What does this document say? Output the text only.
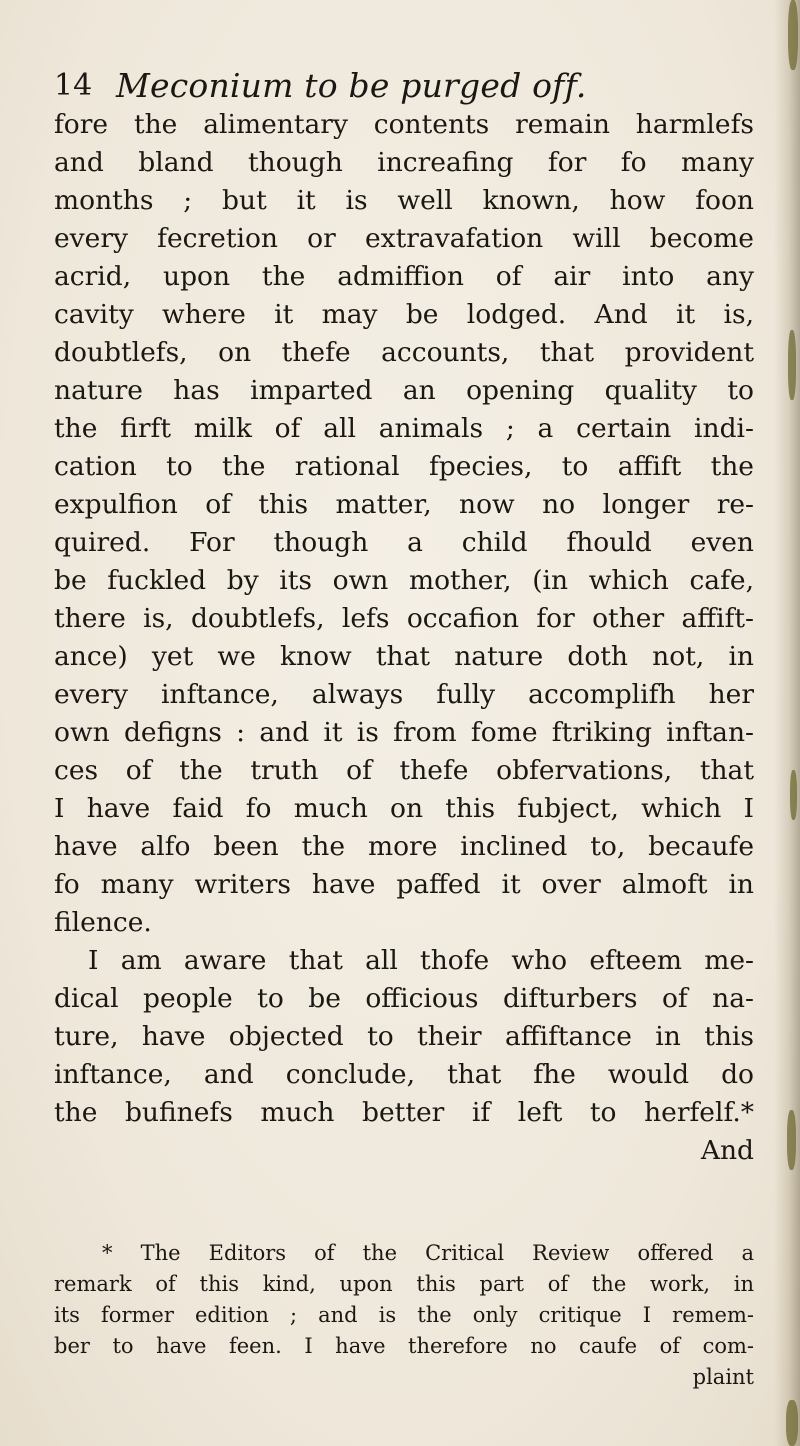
14 Meconium to be purged off.
fore the alimentary contents remain harmlefs
and bland though increafing for fo many
months ; but it is well known, how foon
every fecretion or extravafation will become
acrid, upon the admiffion of air into any
cavity where it may be lodged. And it is,
doubtlefs, on thefe accounts, that provident
nature has imparted an opening quality to
the firft milk of all animals ; a certain indi-
cation to the rational fpecies, to affift the
expulfion of this matter, now no longer re-
quired. For though a child fhould even
be fuckled by its own mother, (in which cafe,
there is, doubtlefs, lefs occafion for other affift-
ance) yet we know that nature doth not, in
every inftance, always fully accomplifh her
own defigns : and it is from fome ftriking inftan-
ces of the truth of thefe obfervations, that
I have faid fo much on this fubject, which I
have alfo been the more inclined to, becaufe
fo many writers have paffed it over almoft in
filence.
I am aware that all thofe who efteem me-
dical people to be officious difturbers of na-
ture, have objected to their affiftance in this
inftance, and conclude, that fhe would do
the bufinefs much better if left to herfelf.*
And
* The Editors of the Critical Review offered a
remark of this kind, upon this part of the work, in
its former edition ; and is the only critique I remem-
ber to have feen. I have therefore no caufe of com-
plaint
